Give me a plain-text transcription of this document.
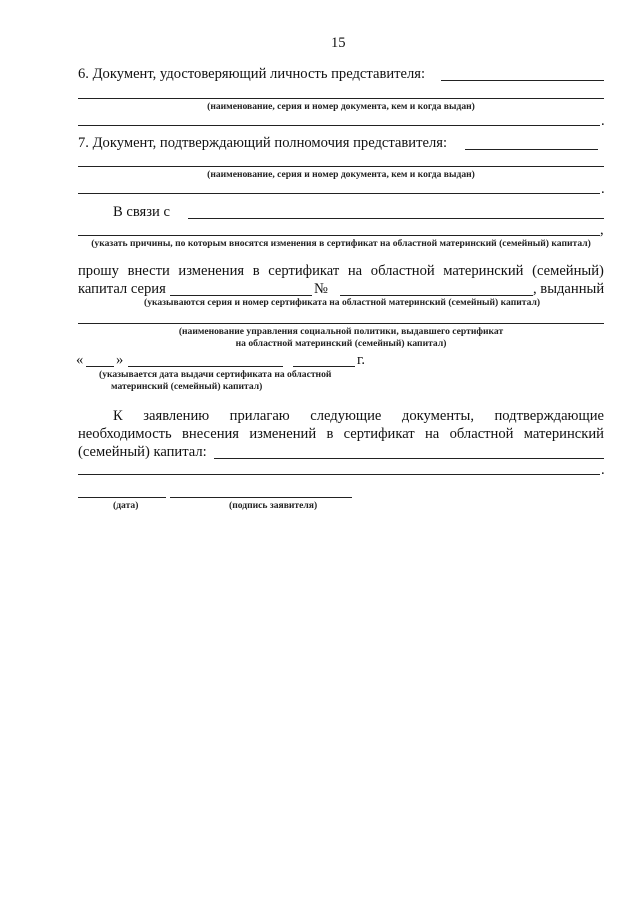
15
6. Документ, удостоверяющий личность представителя:
(наименование, серия и номер документа, кем и когда выдан)
.
7. Документ, подтверждающий полномочия представителя:
(наименование, серия и номер документа, кем и когда выдан)
.
В связи с
,
(указать причины, по которым вносятся изменения в сертификат на областной материнский (семейный) капитал)
прошу внести изменения в сертификат на областной материнский (семейный)
капитал серия	№	, выданный
(указываются серия и номер сертификата на областной материнский (семейный) капитал)
(наименование управления социальной политики, выдавшего сертификат
на областной материнский (семейный) капитал)
« »	г.
(указывается дата выдачи сертификата на областной
материнский (семейный) капитал)
К заявлению прилагаю следующие документы, подтверждающие
необходимость внесения изменений в сертификат на областной материнский
(семейный) капитал:
.
(дата)	(подпись заявителя)
